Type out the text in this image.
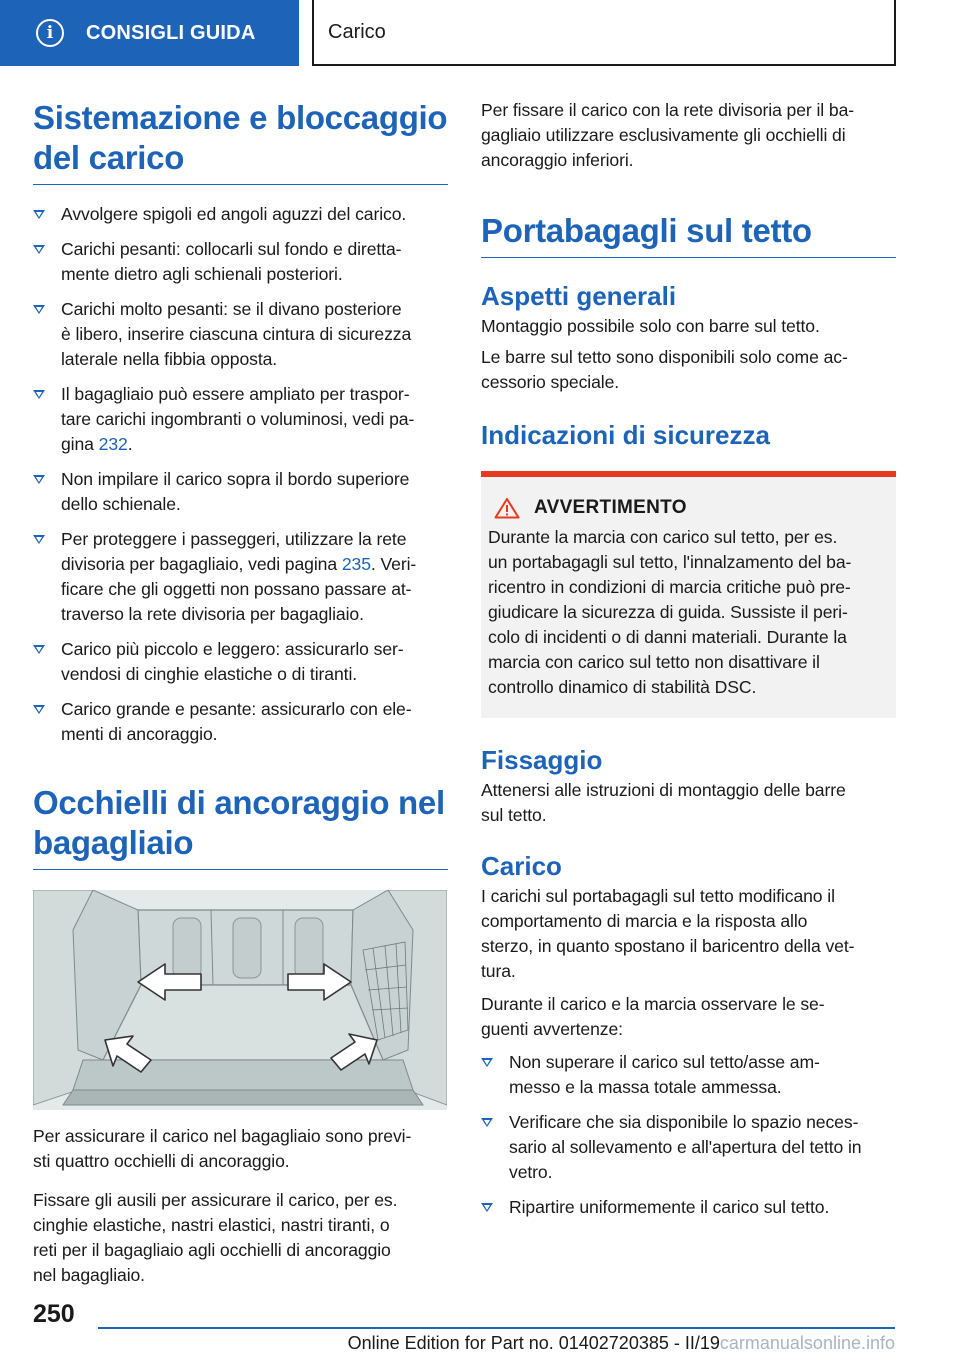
i	CONSIGLI GUIDA	Carico
Sistemazione e bloccaggio
del carico
Avvolgere spigoli ed angoli aguzzi del carico.
Carichi pesanti: collocarli sul fondo e diretta-
mente dietro agli schienali posteriori.
Carichi molto pesanti: se il divano posteriore
è libero, inserire ciascuna cintura di sicurezza
laterale nella fibbia opposta.
Il bagagliaio può essere ampliato per traspor-
tare carichi ingombranti o voluminosi, vedi pa-
gina 232.
Non impilare il carico sopra il bordo superiore
dello schienale.
Per proteggere i passeggeri, utilizzare la rete
divisoria per bagagliaio, vedi pagina 235. Veri-
ficare che gli oggetti non possano passare at-
traverso la rete divisoria per bagagliaio.
Carico più piccolo e leggero: assicurarlo ser-
vendosi di cinghie elastiche o di tiranti.
Carico grande e pesante: assicurarlo con ele-
menti di ancoraggio.
Occhielli di ancoraggio nel
bagagliaio

Per assicurare il carico nel bagagliaio sono previ-
sti quattro occhielli di ancoraggio.

Fissare gli ausili per assicurare il carico, per es.
cinghie elastiche, nastri elastici, nastri tiranti, o
reti per il bagagliaio agli occhielli di ancoraggio
nel bagagliaio.

Per fissare il carico con la rete divisoria per il ba-
gagliaio utilizzare esclusivamente gli occhielli di
ancoraggio inferiori.

Portabagagli sul tetto
Aspetti generali

Montaggio possibile solo con barre sul tetto.

Le barre sul tetto sono disponibili solo come ac-
cessorio speciale.

Indicazioni di sicurezza
AVVERTIMENTO

Durante la marcia con carico sul tetto, per es.
un portabagagli sul tetto, l'innalzamento del ba-
ricentro in condizioni di marcia critiche può pre-
giudicare la sicurezza di guida. Sussiste il peri-
colo di incidenti o di danni materiali. Durante la
marcia con carico sul tetto non disattivare il
controllo dinamico di stabilità DSC.

Fissaggio

Attenersi alle istruzioni di montaggio delle barre
sul tetto.

Carico

I carichi sul portabagagli sul tetto modificano il
comportamento di marcia e la risposta allo
sterzo, in quanto spostano il baricentro della vet-
tura.

Durante il carico e la marcia osservare le se-
guenti avvertenze:

Non superare il carico sul tetto/asse am-
messo e la massa totale ammessa.
Verificare che sia disponibile lo spazio neces-
sario al sollevamento e all'apertura del tetto in
vetro.
Ripartire uniformemente il carico sul tetto.
250
Online Edition for Part no. 01402720385 - II/19carmanualsonline.info
